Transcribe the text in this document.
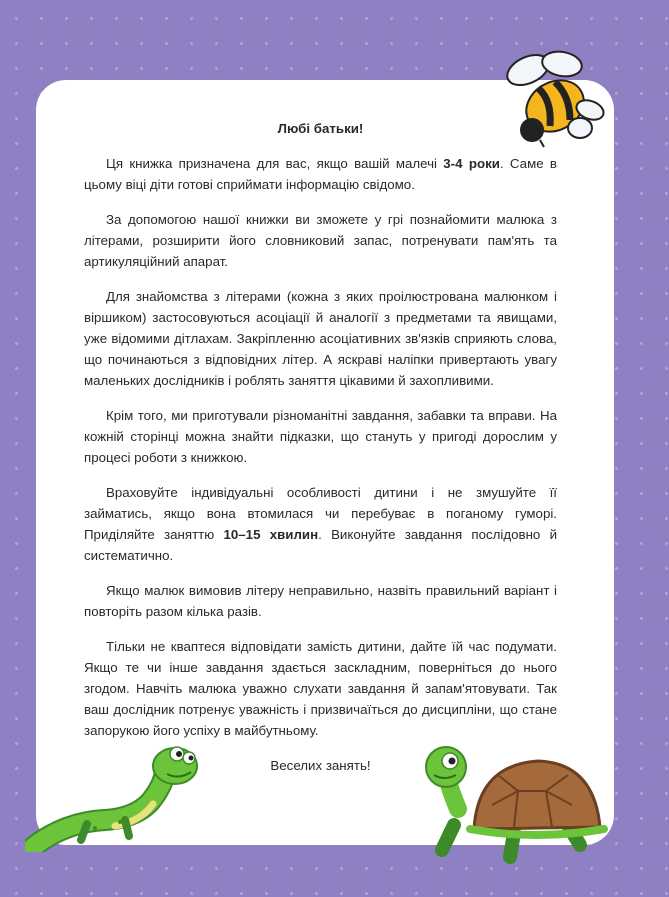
Любі батьки!

Ця книжка призначена для вас, якщо вашій малечі 3-4 роки. Саме в цьому віці діти готові сприймати інформацію свідомо.

За допомогою нашої книжки ви зможете у грі познайомити малюка з літерами, розширити його словниковий запас, потренувати пам'ять та артикуляційний апарат.

Для знайомства з літерами (кожна з яких проілюстрована малюнком і віршиком) застосовуються асоціації й аналогії з предметами та явищами, уже відомими дітлахам. Закріпленню асоціативних зв'язків сприяють слова, що починаються з відповідних літер. А яскраві наліпки привертають увагу маленьких дослідників і роблять заняття цікавими й захопливими.

Крім того, ми приготували різноманітні завдання, забавки та вправи. На кожній сторінці можна знайти підказки, що стануть у пригоді дорослим у процесі роботи з книжкою.

Враховуйте індивідуальні особливості дитини і не змушуйте її займатись, якщо вона втомилася чи перебуває в поганому гуморі. Приділяйте заняттю 10–15 хвилин. Виконуйте завдання послідовно й систематично.

Якщо малюк вимовив літеру неправильно, назвіть правильний варіант і повторіть разом кілька разів.

Тільки не кваптеся відповідати замість дитини, дайте їй час подумати. Якщо те чи інше завдання здається заскладним, поверніться до нього згодом. Навчіть малюка уважно слухати завдання й запам'ятовувати. Так ваш дослідник потренує уважність і призвичаїться до дисципліни, що стане запорукою його успіху в майбутньому.

Веселих занять!
